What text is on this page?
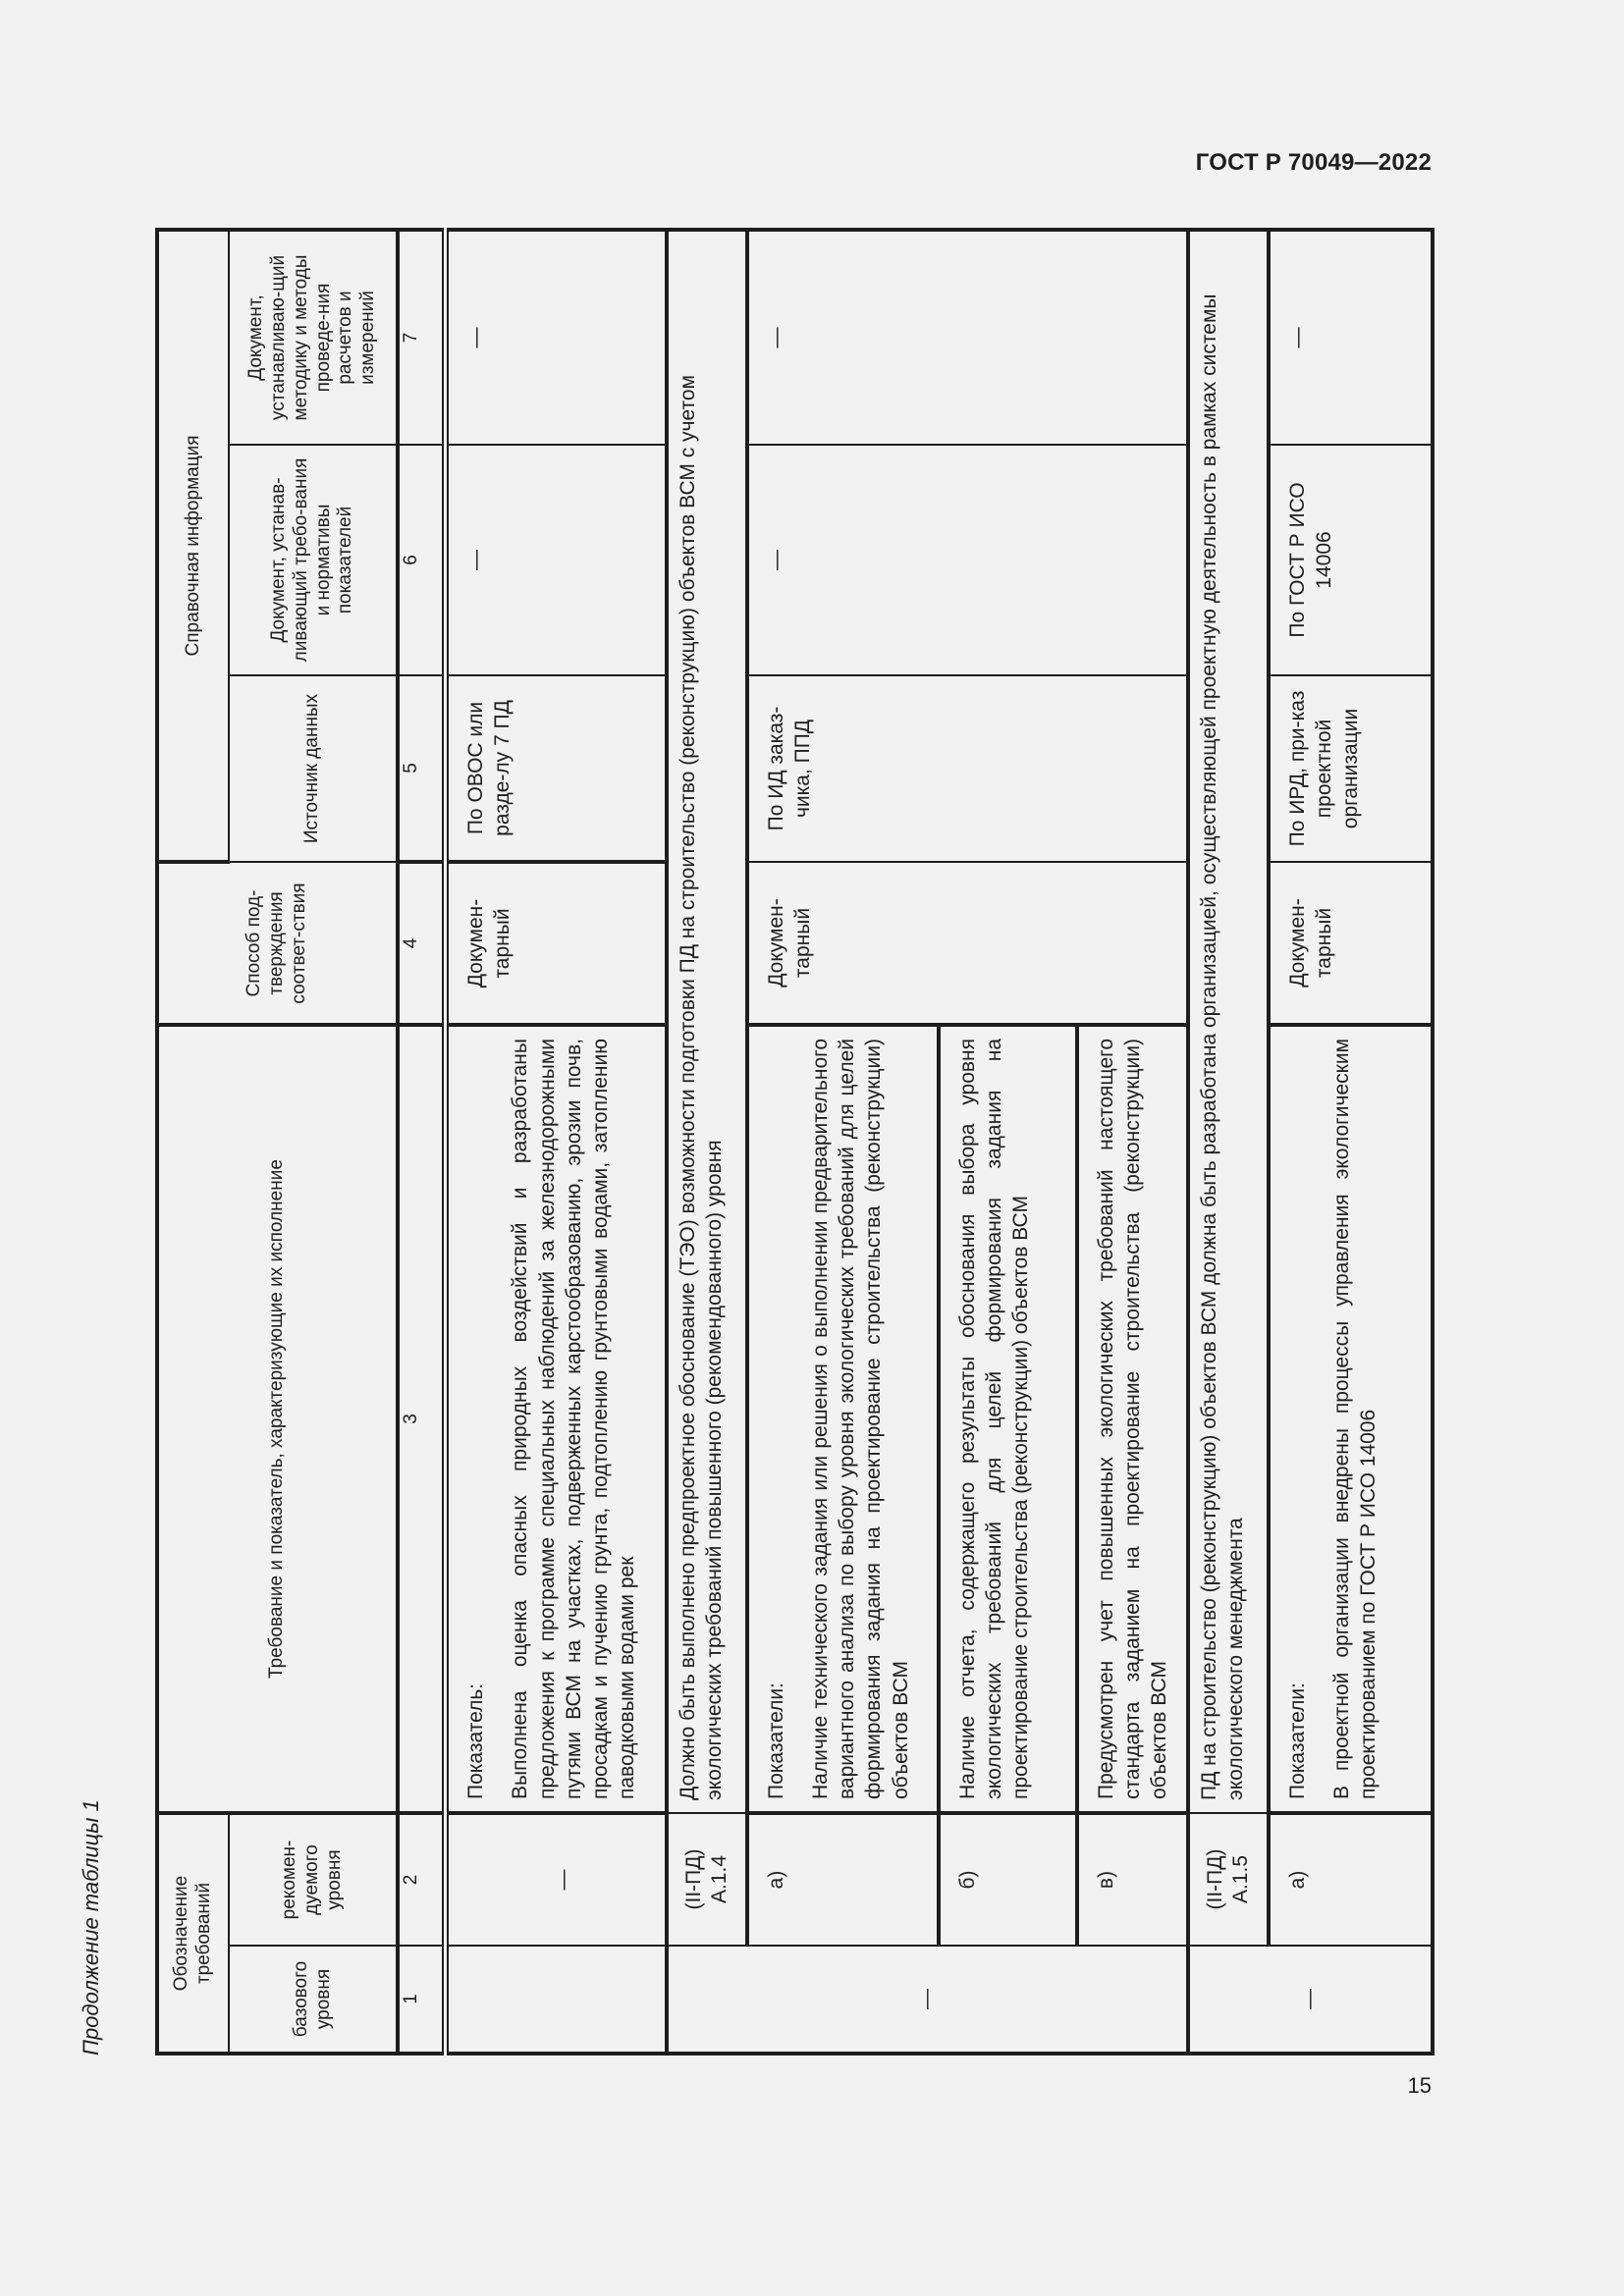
ГОСТ Р 70049—2022
15
Продолжение таблицы 1	Обозначение требований		Требование и показатель, характеризующие их исполнение	Способ под-тверждения соответ-ствия	Справочная информация		
базового уровня	рекомен-дуемого уровня			Источник данных	Документ, устанав-ливающий требо-вания и нормативы показателей	Документ, устанавливаю-щий методику и методы проведе-ния расчетов и измерений
1	2	3	4	5	6	7
	—	Показатель: Выполнена оценка опасных природных воздействий и разработаны предложения к программе специальных наблюдений за железнодорожными путями ВСМ на участках, подверженных карстообразованию, эрозии почв, просадкам и пучению грунта, подтоплению грунтовыми водами, затоплению паводковыми водами рек	Докумен-тарный	По ОВОС или разде-лу 7 ПД	—	—
—	(II-ПД) А.1.4	Должно быть выполнено предпроектное обоснование (ТЭО) возможности подготовки ПД на строительство (реконструкцию) объектов ВСМ с учетом экологических требований повышенного (рекомендованного) уровня				
	а)	Показатели: Наличие технического задания или решения о выполнении предварительного вариантного анализа по выбору уровня экологических требований для целей формирования задания на проектирование строительства (реконструкции) объектов ВСМ	Докумен-тарный	По ИД заказ-чика, ППД	—	—
	б)	Наличие отчета, содержащего результаты обоснования выбора уровня экологических требований для целей формирования задания на проектирование строительства (реконструкции) объектов ВСМ				

	в)	Предусмотрен учет повышенных экологических требований настоящего стандарта заданием на проектирование строительства (реконструкции) объектов ВСМ				

—	(II-ПД) А.1.5	ПД на строительство (реконструкцию) объектов ВСМ должна быть разработана организацией, осуществляющей проектную деятельность в рамках системы экологического менеджмента				
	а)	Показатели: В проектной организации внедрены процессы управления экологическим проектированием по ГОСТ Р ИСО 14006	Докумен-тарный	По ИРД, при-каз проектной организации	По ГОСТ Р ИСО 14006	—
